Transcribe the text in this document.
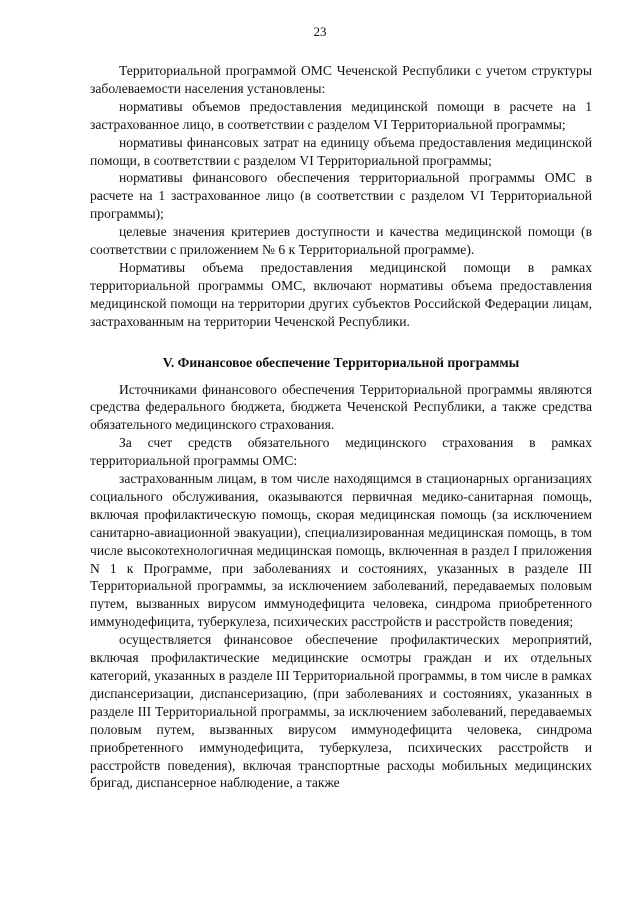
23

Территориальной программой ОМС Чеченской Республики с учетом структуры заболеваемости населения установлены:

нормативы объемов предоставления медицинской помощи в расчете на 1 застрахованное лицо, в соответствии с разделом VI Территориальной программы;

нормативы финансовых затрат на единицу объема предоставления медицинской помощи, в соответствии с разделом VI Территориальной программы;

нормативы финансового обеспечения территориальной программы ОМС в расчете на 1 застрахованное лицо (в соответствии с разделом VI Территориальной программы);

целевые значения критериев доступности и качества медицинской помощи (в соответствии с приложением № 6 к Территориальной программе).

Нормативы объема предоставления медицинской помощи в рамках территориальной программы ОМС, включают нормативы объема предоставления медицинской помощи на территории других субъектов Российской Федерации лицам, застрахованным на территории Чеченской Республики.

V. Финансовое обеспечение Территориальной программы

Источниками финансового обеспечения Территориальной программы являются средства федерального бюджета, бюджета Чеченской Республики, а также средства обязательного медицинского страхования.

За счет средств обязательного медицинского страхования в рамках территориальной программы ОМС:

застрахованным лицам, в том числе находящимся в стационарных организациях социального обслуживания, оказываются первичная медико-санитарная помощь, включая профилактическую помощь, скорая медицинская помощь (за исключением санитарно-авиационной эвакуации), специализированная медицинская помощь, в том числе высокотехнологичная медицинская помощь, включенная в раздел I приложения N 1 к Программе, при заболеваниях и состояниях, указанных в разделе III Территориальной программы, за исключением заболеваний, передаваемых половым путем, вызванных вирусом иммунодефицита человека, синдрома приобретенного иммунодефицита, туберкулеза, психических расстройств и расстройств поведения;

осуществляется финансовое обеспечение профилактических мероприятий, включая профилактические медицинские осмотры граждан и их отдельных категорий, указанных в разделе III Территориальной программы, в том числе в рамках диспансеризации, диспансеризацию, (при заболеваниях и состояниях, указанных в разделе III Территориальной программы, за исключением заболеваний, передаваемых половым путем, вызванных вирусом иммунодефицита человека, синдрома приобретенного иммунодефицита, туберкулеза, психических расстройств и расстройств поведения), включая транспортные расходы мобильных медицинских бригад, диспансерное наблюдение, а также
